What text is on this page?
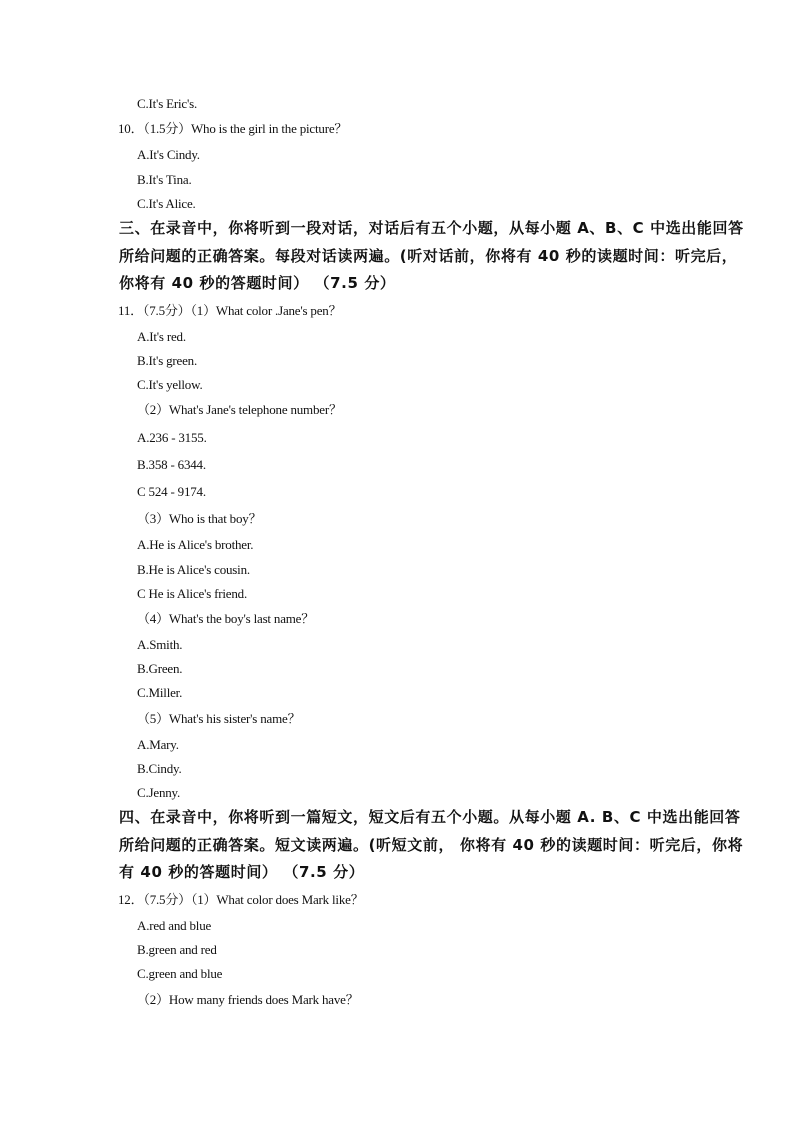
C.It's Eric's.
10．（1.5分）Who is the girl in the picture？
A.It's Cindy.
B.It's Tina.
C.It's Alice.
三、在录音中，你将听到一段对话，对话后有五个小题，从每小题 A、B、C 中选出能回答
所给问题的正确答案。每段对话读两遍。(听对话前，你将有 40 秒的读题时间：听完后，
你将有 40 秒的答题时间） （7.5 分）
11．（7.5分）（1）What color .Jane's pen？
A.It's red.
B.It's green.
C.It's yellow.
（2）What's Jane's telephone number？
A.236 - 3155.
B.358 - 6344.
C 524 - 9174.
（3）Who is that boy？
A.He is Alice's brother.
B.He is Alice's cousin.
C He is Alice's friend.
（4）What's the boy's last name？
A.Smith.
B.Green.
C.Miller.
（5）What's his sister's name？
A.Mary.
B.Cindy.
C.Jenny.
四、在录音中，你将听到一篇短文，短文后有五个小题。从每小题 A. B、C 中选出能回答
所给问题的正确答案。短文读两遍。(听短文前， 你将有 40 秒的读题时间：听完后，你将
有 40 秒的答题时间） （7.5 分）
12．（7.5分）（1）What color does Mark like？
A.red and blue
B.green and red
C.green and blue
（2）How many friends does Mark have？
